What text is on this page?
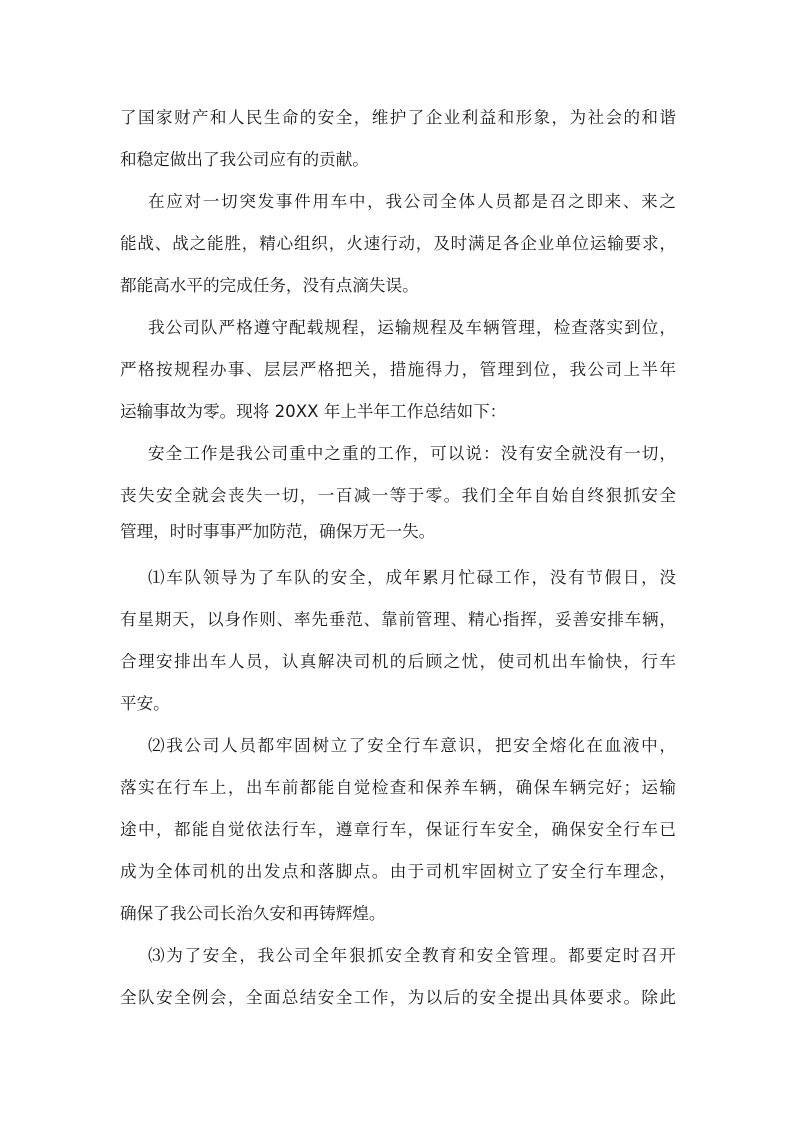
了国家财产和人民生命的安全，维护了企业利益和形象，为社会的和谐
和稳定做出了我公司应有的贡献。
在应对一切突发事件用车中，我公司全体人员都是召之即来、来之
能战、战之能胜，精心组织，火速行动，及时满足各企业单位运输要求，
都能高水平的完成任务，没有点滴失误。
我公司队严格遵守配载规程，运输规程及车辆管理，检查落实到位，
严格按规程办事、层层严格把关，措施得力，管理到位，我公司上半年
运输事故为零。现将 20XX 年上半年工作总结如下：
安全工作是我公司重中之重的工作，可以说：没有安全就没有一切，
丧失安全就会丧失一切，一百减一等于零。我们全年自始自终狠抓安全
管理，时时事事严加防范，确保万无一失。
⑴车队领导为了车队的安全，成年累月忙碌工作，没有节假日，没
有星期天，以身作则、率先垂范、靠前管理、精心指挥，妥善安排车辆，
合理安排出车人员，认真解决司机的后顾之忧，使司机出车愉快，行车
平安。
⑵我公司人员都牢固树立了安全行车意识，把安全熔化在血液中，
落实在行车上，出车前都能自觉检查和保养车辆，确保车辆完好；运输
途中，都能自觉依法行车，遵章行车，保证行车安全，确保安全行车已
成为全体司机的出发点和落脚点。由于司机牢固树立了安全行车理念，
确保了我公司长治久安和再铸辉煌。
⑶为了安全，我公司全年狠抓安全教育和安全管理。都要定时召开
全队安全例会，全面总结安全工作，为以后的安全提出具体要求。除此
